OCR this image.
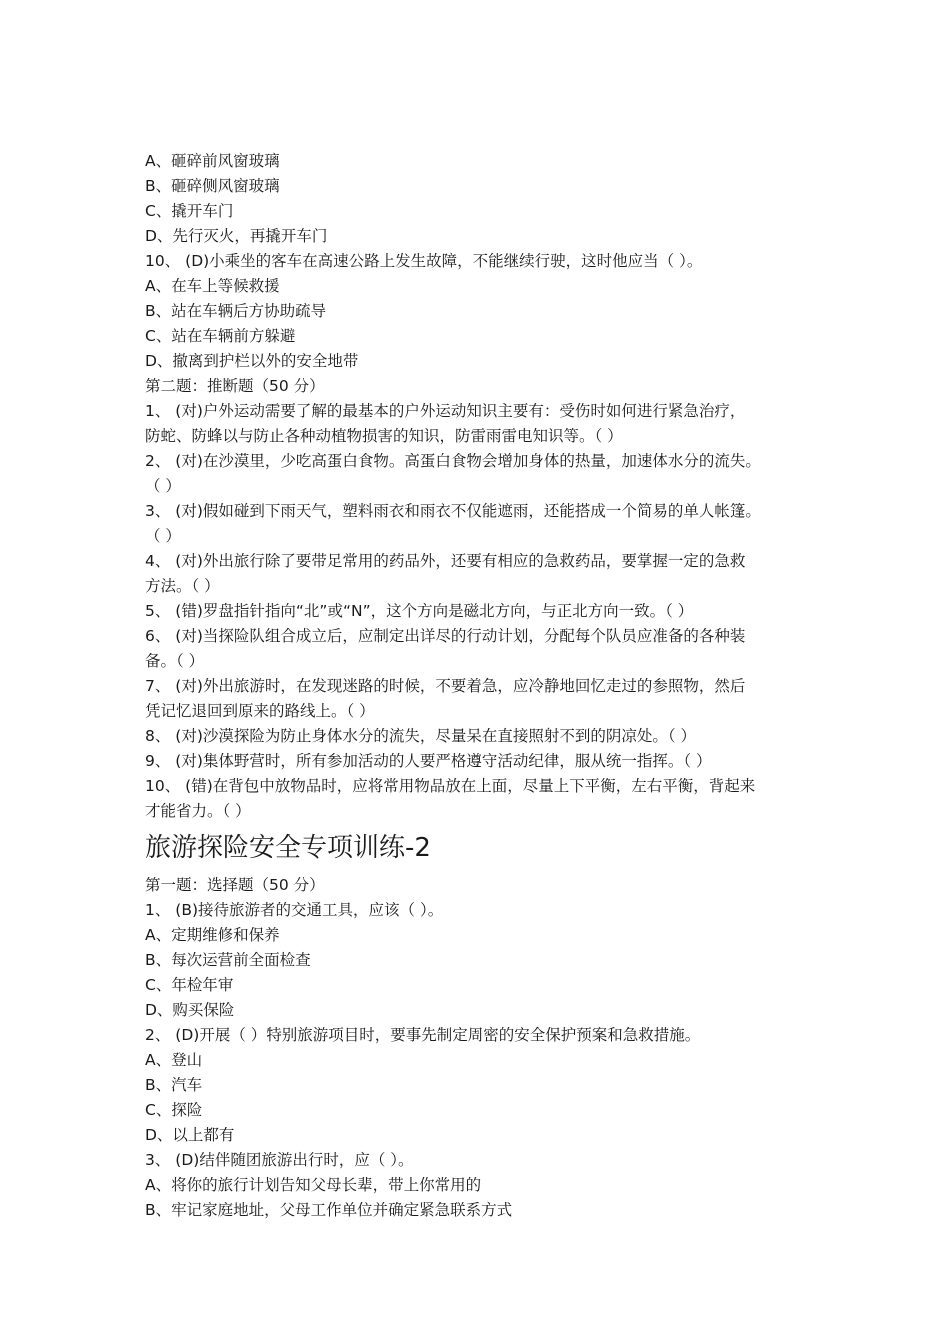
A、砸碎前风窗玻璃
B、砸碎侧风窗玻璃
C、撬开车门
D、先行灭火，再撬开车门
10、 (D)小乘坐的客车在高速公路上发生故障，不能继续行驶，这时他应当（ ）。
A、在车上等候救援
B、站在车辆后方协助疏导
C、站在车辆前方躲避
D、撤离到护栏以外的安全地带
第二题：推断题（50 分）
1、 (对)户外运动需要了解的最基本的户外运动知识主要有：受伤时如何进行紧急治疗，
防蛇、防蜂以与防止各种动植物损害的知识，防雷雨雷电知识等。（ ）
2、 (对)在沙漠里，少吃高蛋白食物。高蛋白食物会增加身体的热量，加速体水分的流失。
（ ）
3、 (对)假如碰到下雨天气，塑料雨衣和雨衣不仅能遮雨，还能搭成一个简易的单人帐篷。
（ ）
4、 (对)外出旅行除了要带足常用的药品外，还要有相应的急救药品，要掌握一定的急救
方法。（ ）
5、 (错)罗盘指针指向“北”或“N”，这个方向是磁北方向，与正北方向一致。（ ）
6、 (对)当探险队组合成立后，应制定出详尽的行动计划，分配每个队员应准备的各种装
备。（ ）
7、 (对)外出旅游时，在发现迷路的时候，不要着急，应冷静地回忆走过的参照物，然后
凭记忆退回到原来的路线上。（ ）
8、 (对)沙漠探险为防止身体水分的流失，尽量呆在直接照射不到的阴凉处。（ ）
9、 (对)集体野营时，所有参加活动的人要严格遵守活动纪律，服从统一指挥。（ ）
10、 (错)在背包中放物品时，应将常用物品放在上面，尽量上下平衡，左右平衡，背起来
才能省力。（ ）
旅游探险安全专项训练-2
第一题：选择题（50 分）
1、 (B)接待旅游者的交通工具，应该（ ）。
A、定期维修和保养
B、每次运营前全面检查
C、年检年审
D、购买保险
2、 (D)开展（ ）特别旅游项目时，要事先制定周密的安全保护预案和急救措施。
A、登山
B、汽车
C、探险
D、以上都有
3、 (D)结伴随团旅游出行时，应（ ）。
A、将你的旅行计划告知父母长辈，带上你常用的
B、牢记家庭地址，父母工作单位并确定紧急联系方式
